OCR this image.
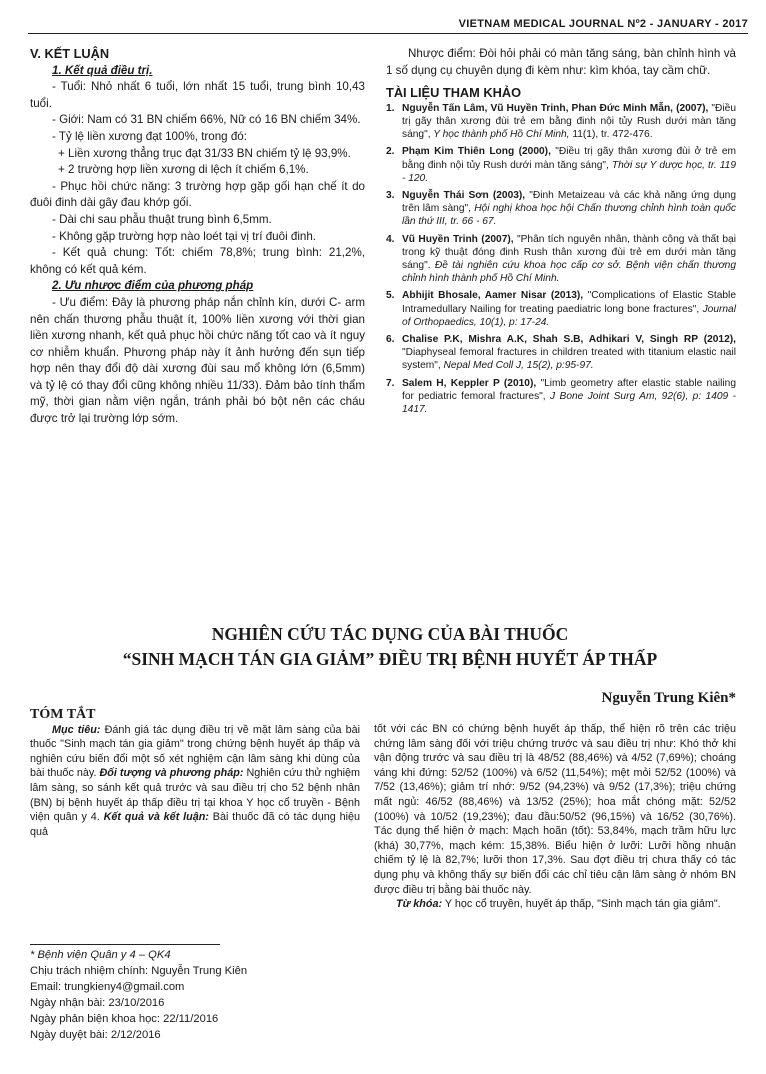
VIETNAM MEDICAL JOURNAL Nº2 - JANUARY - 2017

V. KẾT LUẬN

1. Kết quả điều trị.

- Tuổi: Nhỏ nhất 6 tuổi, lớn nhất 15 tuổi, trung bình 10,43 tuổi.

- Giới: Nam có 31 BN chiếm 66%, Nữ có 16 BN chiếm 34%.

- Tỷ lệ liền xương đạt 100%, trong đó:

+ Liền xương thẳng trục đạt 31/33 BN chiếm tỷ lệ 93,9%.

+ 2 trường hợp liền xương di lệch ít chiếm 6,1%.

- Phục hồi chức năng: 3 trường hợp gặp gối hạn chế ít do đuôi đinh dài gây đau khớp gối.

- Dài chi sau phẫu thuật trung bình 6,5mm.

- Không gặp trường hợp nào loét tại vị trí đuôi đinh.

- Kết quả chung: Tốt: chiếm 78,8%; trung bình: 21,2%, không có kết quả kém.

2. Ưu nhược điểm của phương pháp

- Ưu điểm: Đây là phương pháp nắn chỉnh kín, dưới C- arm nên chấn thương phẫu thuật ít, 100% liền xương với thời gian liền xương nhanh, kết quả phục hồi chức năng tốt cao và ít nguy cơ nhiễm khuẩn. Phương pháp này ít ảnh hưởng đến sụn tiếp hợp nên thay đổi độ dài xương đùi sau mổ không lớn (6,5mm) và tỷ lệ có thay đổi cũng không nhiều 11/33). Đảm bảo tính thẩm mỹ, thời gian nằm viện ngắn, tránh phải bó bột nên các cháu được trở lại trường lớp sớm.

Nhược điểm: Đòi hỏi phải có màn tăng sáng, bàn chỉnh hình và 1 số dụng cụ chuyên dụng đi kèm như: kìm khóa, tay cầm chữ.

TÀI LIỆU THAM KHẢO

1. Nguyễn Tấn Lâm, Vũ Huyền Trinh, Phan Đức Minh Mẫn, (2007), "Điều trị gãy thân xương đùi trẻ em bằng đinh nội tủy Rush dưới màn tăng sáng", Y học thành phố Hồ Chí Minh, 11(1), tr. 472-476.
2. Phạm Kim Thiên Long (2000), "Điều trị gãy thân xương đùi ở trẻ em bằng đinh nội tủy Rush dưới màn tăng sáng", Thời sự Y dược học, tr. 119 - 120.
3. Nguyễn Thái Sơn (2003), "Đinh Metaizeau và các khả năng ứng dụng trên lâm sàng", Hội nghị khoa học hội Chấn thương chỉnh hình toàn quốc lần thứ III, tr. 66 - 67.
4. Vũ Huyền Trinh (2007), "Phân tích nguyên nhân, thành công và thất bại trong kỹ thuật đóng đinh Rush thân xương đùi trẻ em dưới màn tăng sáng". Đề tài nghiên cứu khoa học cấp cơ sở. Bệnh viện chấn thương chỉnh hình thành phố Hồ Chí Minh.
5. Abhijit Bhosale, Aamer Nisar (2013), "Complications of Elastic Stable Intramedullary Nailing for treating paediatric long bone fractures", Journal of Orthopaedics, 10(1), p: 17-24.
6. Chalise P.K, Mishra A.K, Shah S.B, Adhikari V, Singh RP (2012), "Diaphyseal femoral fractures in children treated with titanium elastic nail system", Nepal Med Coll J, 15(2), p:95-97.
7. Salem H, Keppler P (2010), "Limb geometry after elastic stable nailing for pediatric femoral fractures", J Bone Joint Surg Am, 92(6), p: 1409 - 1417.
NGHIÊN CỨU TÁC DỤNG CỦA BÀI THUỐC
“SINH MẠCH TÁN GIA GIẢM” ĐIỀU TRỊ BỆNH HUYẾT ÁP THẤP
Nguyễn Trung Kiên*

TÓM TẮT

Mục tiêu: Đánh giá tác dụng điều trị về mặt lâm sàng của bài thuốc "Sinh mạch tán gia giảm" trong chứng bệnh huyết áp thấp và nghiên cứu biến đổi một số xét nghiệm cận lâm sàng khi dùng của bài thuốc này. Đối tượng và phương pháp: Nghiên cứu thử nghiệm lâm sàng, so sánh kết quả trước và sau điều trị cho 52 bệnh nhân (BN) bị bệnh huyết áp thấp điều trị tại khoa Y học cổ truyền - Bệnh viện quân y 4. Kết quả và kết luận: Bài thuốc đã có tác dụng hiệu quả

tốt với các BN có chứng bệnh huyết áp thấp, thể hiện rõ trên các triệu chứng lâm sàng đối với triệu chứng trước và sau điều trị như: Khó thở khi vận động trước và sau điều trị là 48/52 (88,46%) và 4/52 (7,69%); choáng váng khi đứng: 52/52 (100%) và 6/52 (11,54%); mệt mỏi 52/52 (100%) và 7/52 (13,46%); giảm trí nhớ: 9/52 (94,23%) và 9/52 (17,3%); triệu chứng mất ngủ: 46/52 (88,46%) và 13/52 (25%); hoa mắt chóng mặt: 52/52 (100%) và 10/52 (19,23%); đau đầu:50/52 (96,15%) và 16/52 (30,76%). Tác dụng thể hiện ở mạch: Mạch hoãn (tốt): 53,84%, mạch trầm hữu lực (khá) 30,77%, mạch kém: 15,38%. Biểu hiện ở lưỡi: Lưỡi hồng nhuận chiếm tỷ lệ là 82,7%; lưỡi thon 17,3%. Sau đợt điều trị chưa thấy có tác dụng phụ và không thấy sự biến đổi các chỉ tiêu cận lâm sàng ở nhóm BN được điều trị bằng bài thuốc này.

Từ khóa: Y học cổ truyền, huyết áp thấp, "Sinh mạch tán gia giảm".

* Bệnh viện Quân y 4 – QK4
Chịu trách nhiệm chính: Nguyễn Trung Kiên
Email: trungkieny4@gmail.com
Ngày nhận bài: 23/10/2016
Ngày phản biện khoa học: 22/11/2016
Ngày duyệt bài: 2/12/2016
